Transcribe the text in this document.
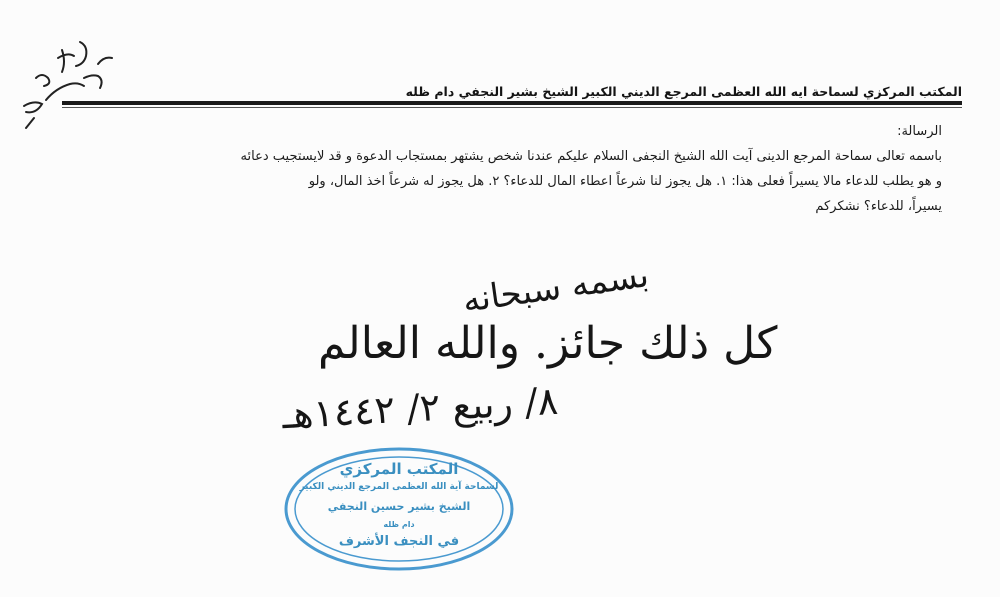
المكتب المركزي لسماحة ايه الله العظمى المرجع الديني الكبير الشيخ بشير النجفي دام ظله
الرسالة:
باسمه تعالى سماحة المرجع الدينى آيت الله الشيخ النجفى السلام عليكم عندنا شخص يشتهر بمستجاب الدعوة و قد لايستجيب دعائه
و هو يطلب للدعاء مالا يسيراً فعلى هذا: ١. هل يجوز لنا شرعاً اعطاء المال للدعاء؟ ٢. هل يجوز له شرعاً اخذ المال، ولو
يسيراً، للدعاء؟ نشكركم
بسمه سبحانه
كل ذلك جائز. والله العالم
٨/ ربيع ٢/ ١٤٤٢هـ
المكتب المركزي
لسماحة آية الله العظمى المرجع الديني الكبير
الشيخ بشير حسين النجفي
دام ظله
في النجف الأشرف
